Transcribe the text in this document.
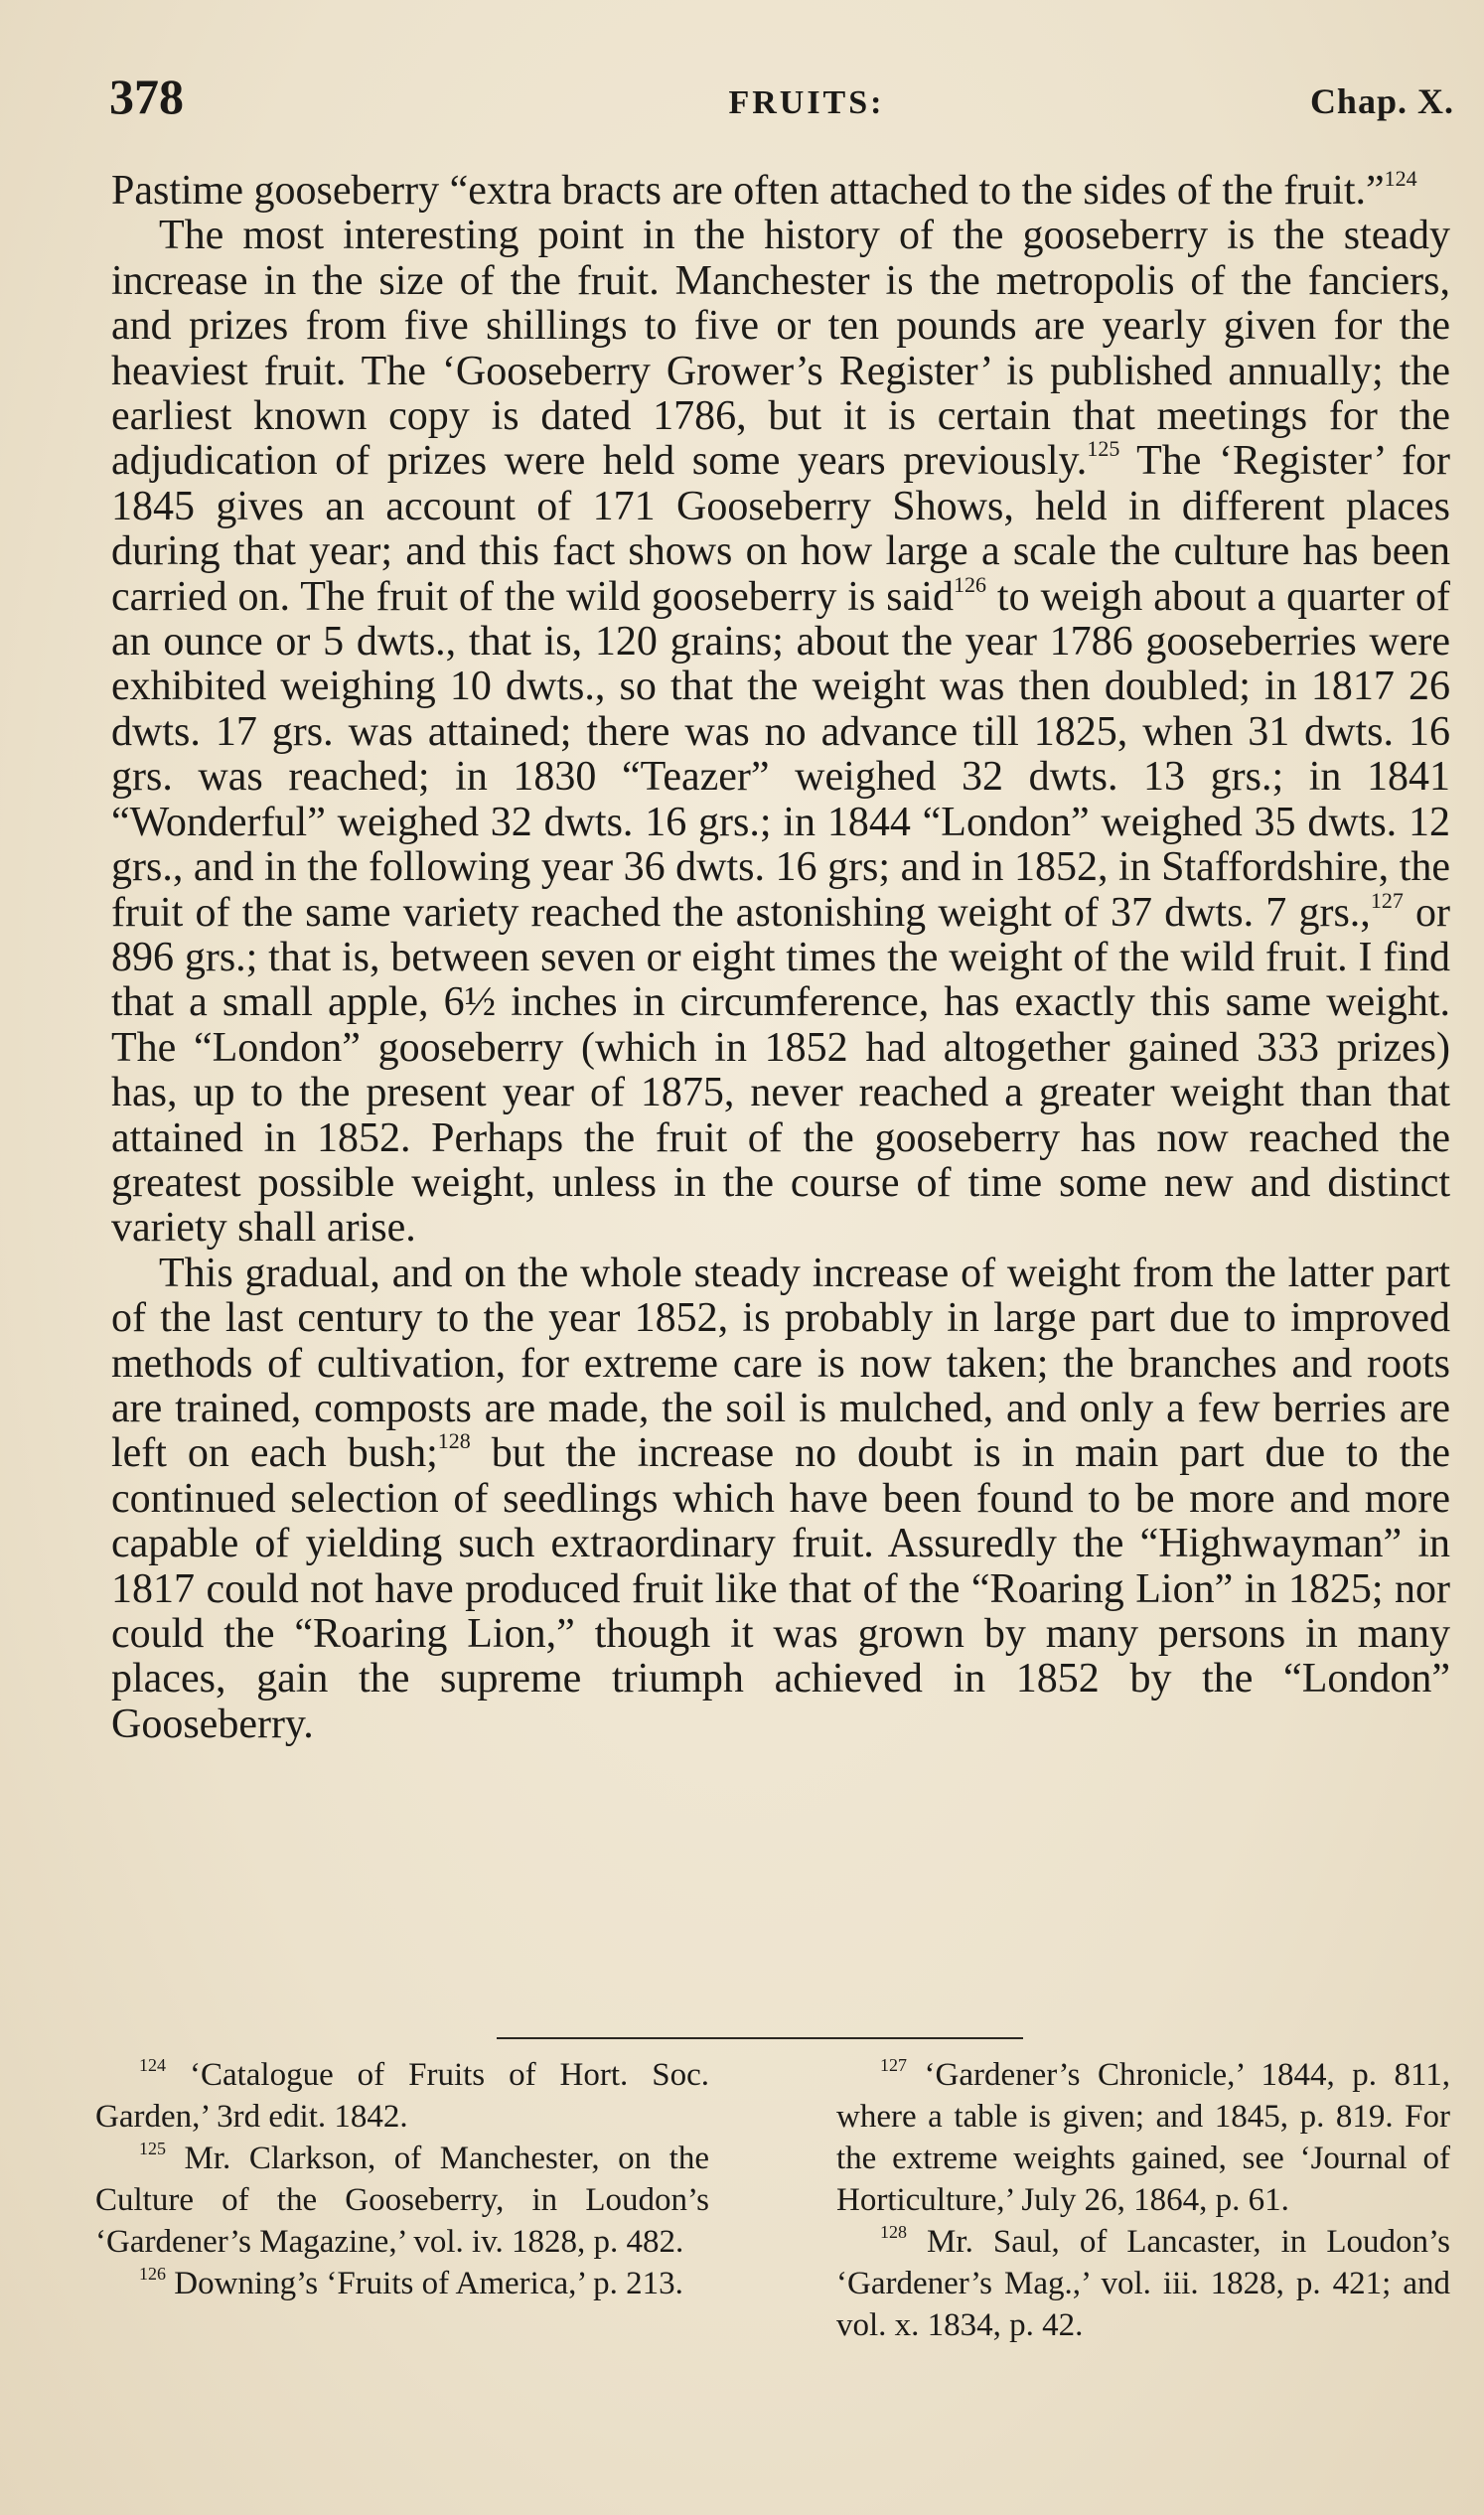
378	FRUITS:	Chap. X.

Pastime gooseberry “extra bracts are often attached to the sides of the fruit.”$^{124}$

The most interesting point in the history of the gooseberry is the steady increase in the size of the fruit. Manchester is the metropolis of the fanciers, and prizes from five shillings to five or ten pounds are yearly given for the heaviest fruit. The ‘Gooseberry Grower’s Register’ is published annually; the earliest known copy is dated 1786, but it is certain that meetings for the adjudication of prizes were held some years previously.$^{125}$ The ‘Register’ for 1845 gives an account of 171 Gooseberry Shows, held in different places during that year; and this fact shows on how large a scale the culture has been carried on. The fruit of the wild gooseberry is said$^{126}$ to weigh about a quarter of an ounce or 5 dwts., that is, 120 grains; about the year 1786 gooseberries were exhibited weighing 10 dwts., so that the weight was then doubled; in 1817 26 dwts. 17 grs. was attained; there was no advance till 1825, when 31 dwts. 16 grs. was reached; in 1830 “Teazer” weighed 32 dwts. 13 grs.; in 1841 “Wonderful” weighed 32 dwts. 16 grs.; in 1844 “London” weighed 35 dwts. 12 grs., and in the following year 36 dwts. 16 grs; and in 1852, in Staffordshire, the fruit of the same variety reached the astonishing weight of 37 dwts. 7 grs.,$^{127}$ or 896 grs.; that is, between seven or eight times the weight of the wild fruit. I find that a small apple, 6½ inches in circumference, has exactly this same weight. The “London” gooseberry (which in 1852 had altogether gained 333 prizes) has, up to the present year of 1875, never reached a greater weight than that attained in 1852. Perhaps the fruit of the gooseberry has now reached the greatest possible weight, unless in the course of time some new and distinct variety shall arise.

This gradual, and on the whole steady increase of weight from the latter part of the last century to the year 1852, is probably in large part due to improved methods of cultivation, for extreme care is now taken; the branches and roots are trained, composts are made, the soil is mulched, and only a few berries are left on each bush;$^{128}$ but the increase no doubt is in main part due to the continued selection of seedlings which have been found to be more and more capable of yielding such extraordinary fruit. Assuredly the “Highwayman” in 1817 could not have produced fruit like that of the “Roaring Lion” in 1825; nor could the “Roaring Lion,” though it was grown by many persons in many places, gain the supreme triumph achieved in 1852 by the “London” Gooseberry.

$^{124}$ ‘Catalogue of Fruits of Hort. Soc. Garden,’ 3rd edit. 1842.

$^{125}$ Mr. Clarkson, of Manchester, on the Culture of the Gooseberry, in Loudon’s ‘Gardener’s Magazine,’ vol. iv. 1828, p. 482.

$^{126}$ Downing’s ‘Fruits of America,’ p. 213.

$^{127}$ ‘Gardener’s Chronicle,’ 1844, p. 811, where a table is given; and 1845, p. 819. For the extreme weights gained, see ‘Journal of Horticulture,’ July 26, 1864, p. 61.

$^{128}$ Mr. Saul, of Lancaster, in Loudon’s ‘Gardener’s Mag.,’ vol. iii. 1828, p. 421; and vol. x. 1834, p. 42.
